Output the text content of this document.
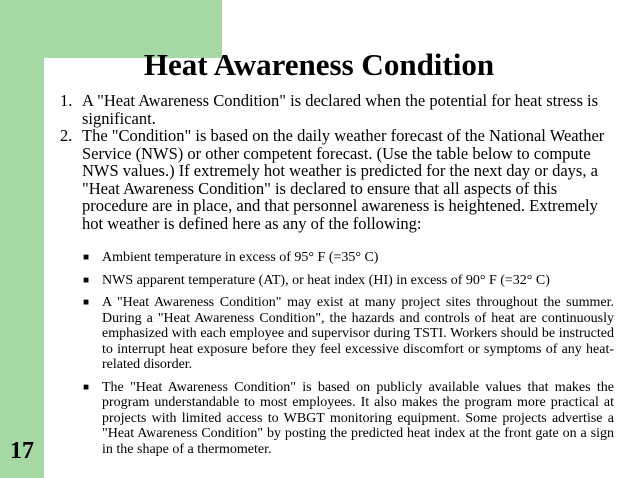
Heat Awareness Condition
1. A "Heat Awareness Condition" is declared when the potential for heat stress is significant.
2. The "Condition" is based on the daily weather forecast of the National Weather Service (NWS) or other competent forecast. (Use the table below to compute NWS values.) If extremely hot weather is predicted for the next day or days, a "Heat Awareness Condition" is declared to ensure that all aspects of this procedure are in place, and that personnel awareness is heightened. Extremely hot weather is defined here as any of the following:
■ Ambient temperature in excess of 95° F (=35° C)
■ NWS apparent temperature (AT), or heat index (HI) in excess of 90° F (=32° C)
■ A "Heat Awareness Condition" may exist at many project sites throughout the summer. During a "Heat Awareness Condition", the hazards and controls of heat are continuously emphasized with each employee and supervisor during TSTI. Workers should be instructed to interrupt heat exposure before they feel excessive discomfort or symptoms of any heat-related disorder.
■ The "Heat Awareness Condition" is based on publicly available values that makes the program understandable to most employees. It also makes the program more practical at projects with limited access to WBGT monitoring equipment. Some projects advertise a "Heat Awareness Condition" by posting the predicted heat index at the front gate on a sign in the shape of a thermometer.
17
